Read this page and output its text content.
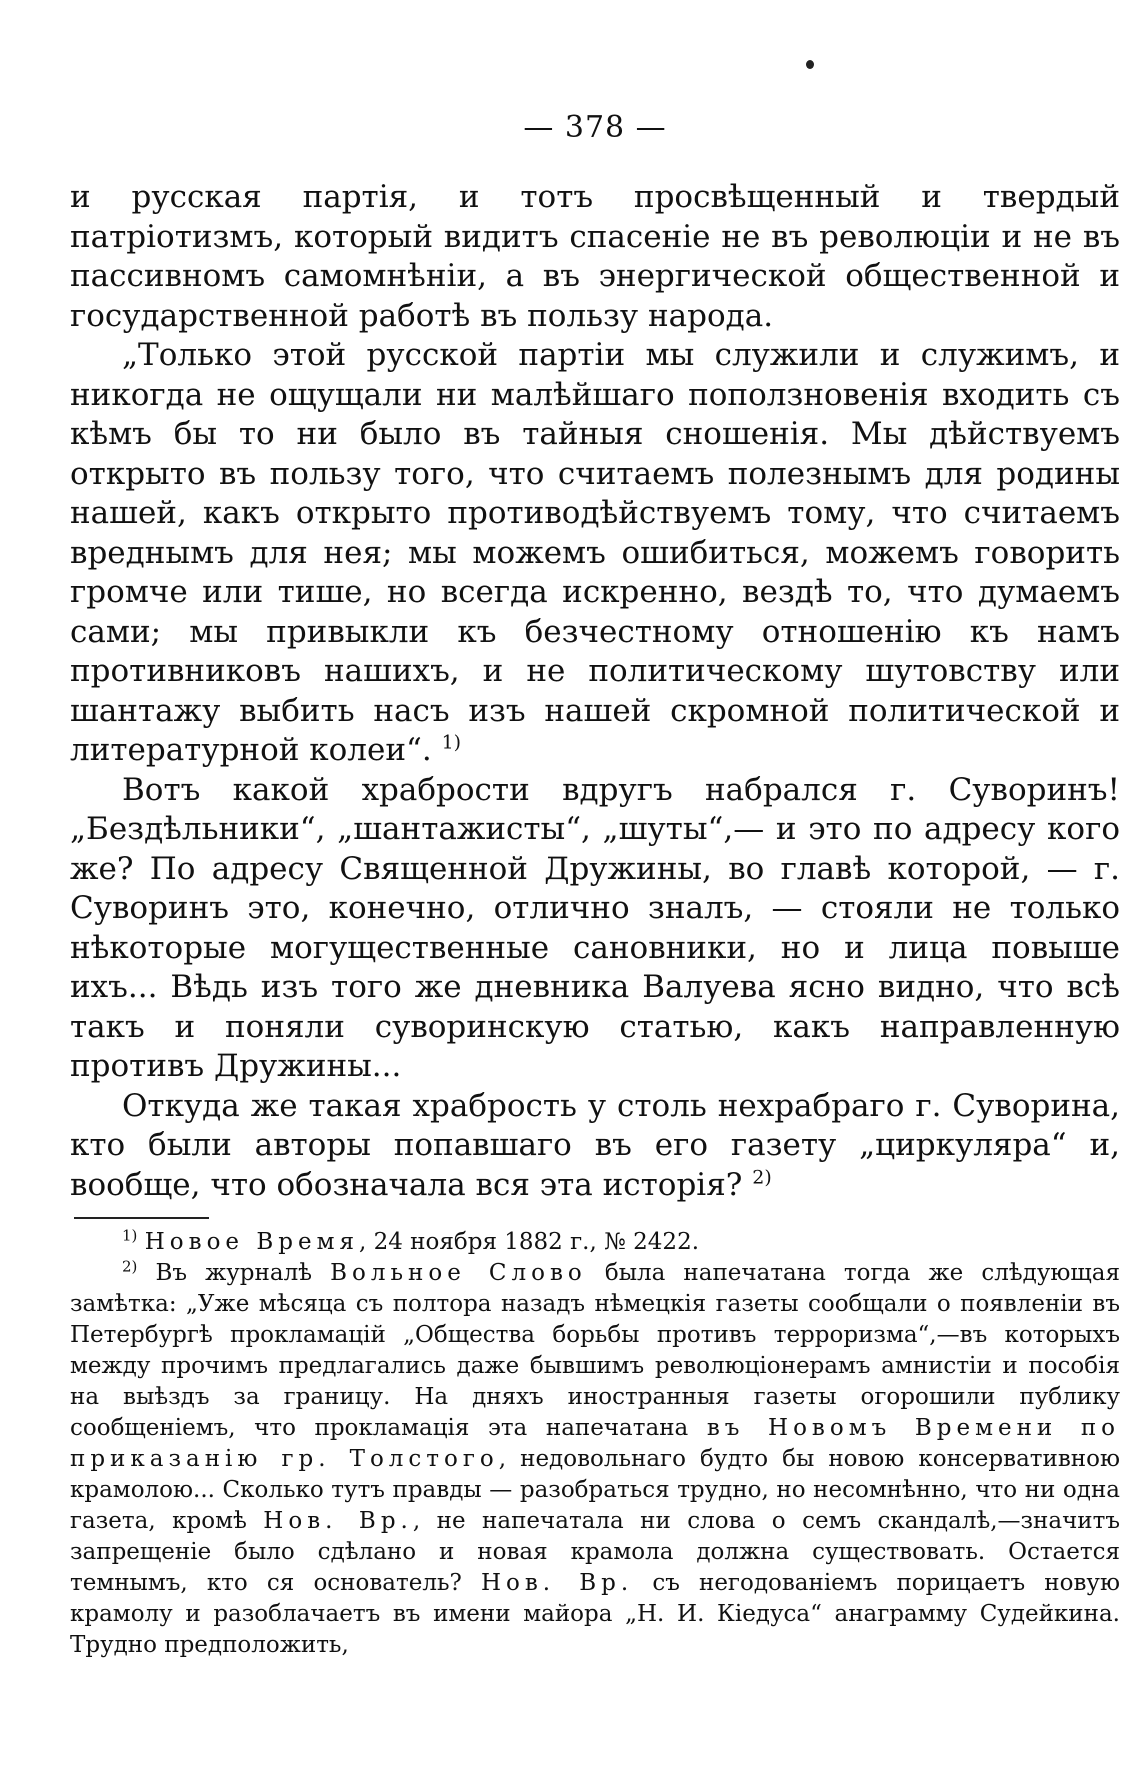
— 378 —

и русская партія, и тотъ просвѣщенный и твердый патріотизмъ, который видитъ спасеніе не въ революціи и не въ пассивномъ самомнѣніи, а въ энергической общественной и государственной работѣ въ пользу народа.

„Только этой русской партіи мы служили и служимъ, и никогда не ощущали ни малѣйшаго поползновенія входить съ кѣмъ бы то ни было въ тайныя сношенія. Мы дѣйствуемъ открыто въ пользу того, что считаемъ полезнымъ для родины нашей, какъ открыто противодѣйствуемъ тому, что считаемъ вреднымъ для нея; мы можемъ ошибиться, можемъ говорить громче или тише, но всегда искренно, вездѣ то, что думаемъ сами; мы привыкли къ безчестному отношенію къ намъ противниковъ нашихъ, и не политическому шутовству или шантажу выбить насъ изъ нашей скромной политической и литературной колеи“. $^{1)}$

Вотъ какой храбрости вдругъ набрался г. Суворинъ! „Бездѣльники“, „шантажисты“, „шуты“,— и это по адресу кого же? По адресу Священной Дружины, во главѣ которой, — г. Суворинъ это, конечно, отлично зналъ, — стояли не только нѣкоторые могущественные сановники, но и лица повыше ихъ... Вѣдь изъ того же дневника Валуева ясно видно, что всѣ такъ и поняли суворинскую статью, какъ направленную противъ Дружины...

Откуда же такая храбрость у столь нехрабраго г. Суворина, кто были авторы попавшаго въ его газету „циркуляра“ и, вообще, что обозначала вся эта исторія? $^{2)}$

$^{1)}$ Новое Время, 24 ноября 1882 г., № 2422.

$^{2)}$ Въ журналѣ Вольное Слово была напечатана тогда же слѣдующая замѣтка: „Уже мѣсяца съ полтора назадъ нѣмецкія газеты сообщали о появленіи въ Петербургѣ прокламацій „Общества борьбы противъ терроризма“,—въ которыхъ между прочимъ предлагались даже бывшимъ революціонерамъ амнистіи и пособія на выѣздъ за границу. На дняхъ иностранныя газеты огорошили публику сообщеніемъ, что прокламація эта напечатана въ Новомъ Времени по приказанію гр. Толстого, недовольнаго будто бы новою консервативною крамолою... Сколько тутъ правды — разобраться трудно, но несомнѣнно, что ни одна газета, кромѣ Нов. Вр., не напечатала ни слова о семъ скандалѣ,—значитъ запрещеніе было сдѣлано и новая крамола должна существовать. Остается темнымъ, кто ся основатель? Нов. Вр. съ негодованіемъ порицаетъ новую крамолу и разоблачаетъ въ имени майора „Н. И. Кіедуса“ анаграмму Судейкина. Трудно предположить,
